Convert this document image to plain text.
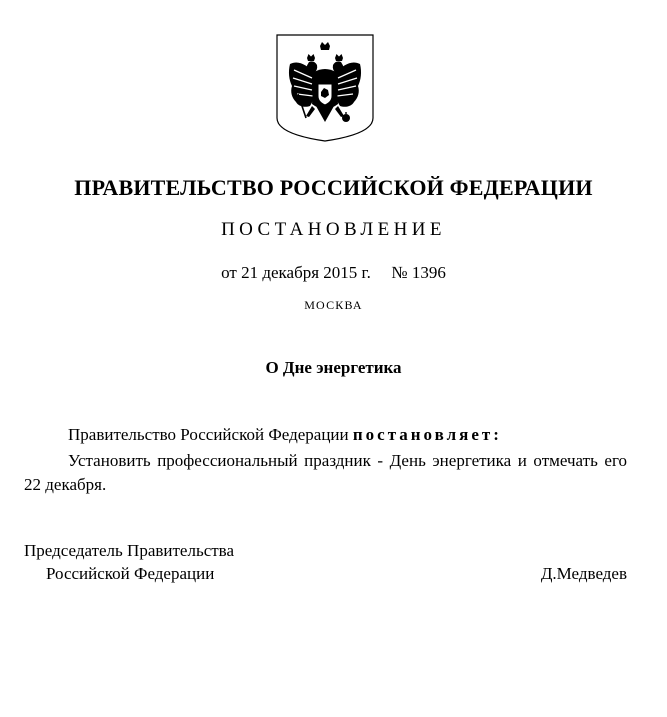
ПРАВИТЕЛЬСТВО РОССИЙСКОЙ ФЕДЕРАЦИИ
ПОСТАНОВЛЕНИЕ
от 21 декабря 2015 г. № 1396
МОСКВА
О Дне энергетика
Правительство Российской Федерации постановляет:
Установить профессиональный праздник - День энергетика и отмечать его 22 декабря.
Председатель Правительства
Российской Федерации	Д.Медведев
